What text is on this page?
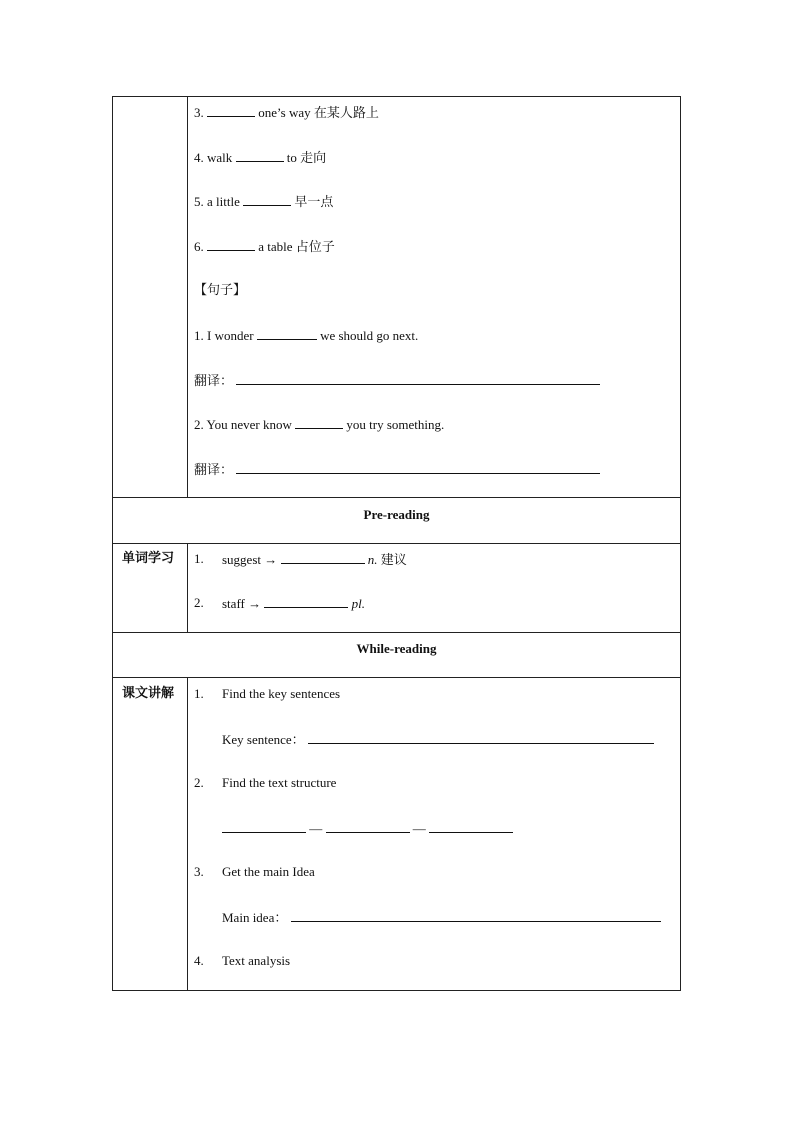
3.	one’s way 在某人路上
4. walk	to 走向
5. a little	早一点
6.	a table 占位子
【句子】
1. I wonder	we should go next.
翻译：
2. You never know	you try something.
翻译：
Pre-reading
单词学习 1. suggest →	n. 建议
2. staff →	pl.
While-reading
课文讲解 1. Find the key sentences
Key sentence：
2. Find the text structure
—	—
3. Get the main Idea
Main idea：
4. Text analysis
